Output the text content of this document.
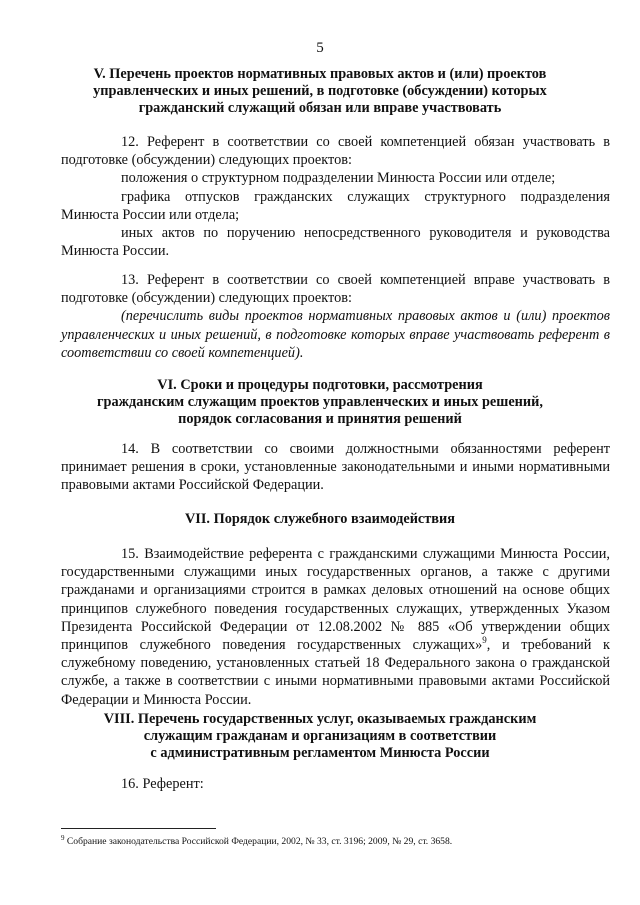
5
V. Перечень проектов нормативных правовых актов и (или) проектов
управленческих и иных решений, в подготовке (обсуждении) которых
гражданский служащий обязан или вправе участвовать

12. Референт в соответствии со своей компетенцией обязан участвовать в подготовке (обсуждении) следующих проектов:

положения о структурном подразделении Минюста России или отделе;

графика отпусков гражданских служащих структурного подразделения Минюста России или отдела;

иных актов по поручению непосредственного руководителя и руководства Минюста России.

13. Референт в соответствии со своей компетенцией вправе участвовать в подготовке (обсуждении) следующих проектов:

(перечислить виды проектов нормативных правовых актов и (или) проектов управленческих и иных решений, в подготовке которых вправе участвовать референт в соответствии со своей компетенцией).

VI. Сроки и процедуры подготовки, рассмотрения
гражданским служащим проектов управленческих и иных решений,
порядок согласования и принятия решений

14. В соответствии со своими должностными обязанностями референт принимает решения в сроки, установленные законодательными и иными нормативными правовыми актами Российской Федерации.

VII. Порядок служебного взаимодействия

15. Взаимодействие референта с гражданскими служащими Минюста России, государственными служащими иных государственных органов, а также с другими гражданами и организациями строится в рамках деловых отношений на основе общих принципов служебного поведения государственных служащих, утвержденных Указом Президента Российской Федерации от 12.08.2002 № 885 «Об утверждении общих принципов служебного поведения государственных служащих»$^9$, и требований к служебному поведению, установленных статьей 18 Федерального закона о гражданской службе, а также в соответствии с иными нормативными правовыми актами Российской Федерации и Минюста России.

VIII. Перечень государственных услуг, оказываемых гражданским
служащим гражданам и организациям в соответствии
с административным регламентом Минюста России

16. Референт:

$^9$ Собрание законодательства Российской Федерации, 2002, № 33, ст. 3196; 2009, № 29, ст. 3658.
